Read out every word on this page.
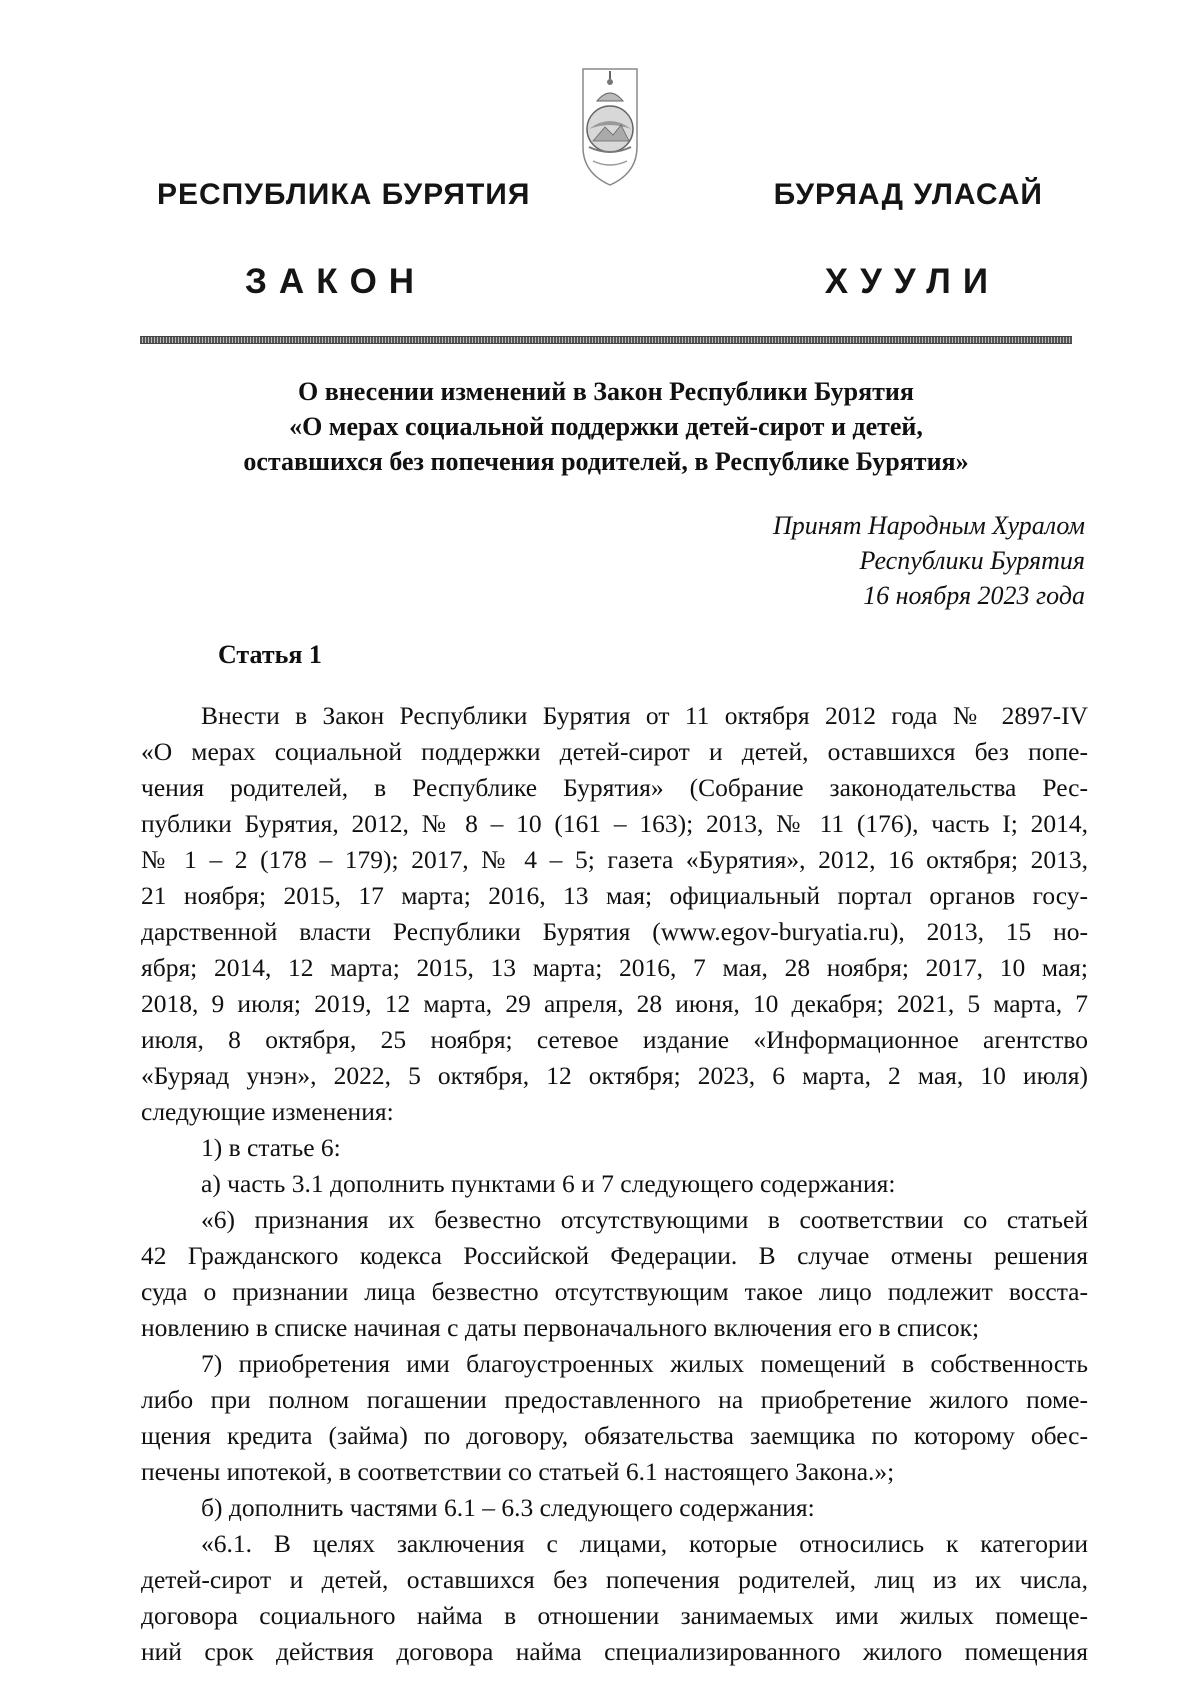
РЕСПУБЛИКА БУРЯТИЯ	БУРЯАД УЛАСАЙ
ЗАКОН	ХУУЛИ
О внесении изменений в Закон Республики Бурятия
«О мерах социальной поддержки детей-сирот и детей,
оставшихся без попечения родителей, в Республике Бурятия»
Принят Народным Хуралом
Республики Бурятия
16 ноября 2023 года
Статья 1
Внести в Закон Республики Бурятия от 11 октября 2012 года № 2897-IV
«О мерах социальной поддержки детей-сирот и детей, оставшихся без попе-
чения родителей, в Республике Бурятия» (Собрание законодательства Рес-
публики Бурятия, 2012, № 8 – 10 (161 – 163); 2013, № 11 (176), часть I; 2014,
№ 1 – 2 (178 – 179); 2017, № 4 – 5; газета «Бурятия», 2012, 16 октября; 2013,
21 ноября; 2015, 17 марта; 2016, 13 мая; официальный портал органов госу-
дарственной власти Республики Бурятия (www.egov-buryatia.ru), 2013, 15 но-
ября; 2014, 12 марта; 2015, 13 марта; 2016, 7 мая, 28 ноября; 2017, 10 мая;
2018, 9 июля; 2019, 12 марта, 29 апреля, 28 июня, 10 декабря; 2021, 5 марта, 7
июля, 8 октября, 25 ноября; сетевое издание «Информационное агентство
«Буряад унэн», 2022, 5 октября, 12 октября; 2023, 6 марта, 2 мая, 10 июля)
следующие изменения:
1) в статье 6:
а) часть 3.1 дополнить пунктами 6 и 7 следующего содержания:
«6) признания их безвестно отсутствующими в соответствии со статьей
42 Гражданского кодекса Российской Федерации. В случае отмены решения
суда о признании лица безвестно отсутствующим такое лицо подлежит восста-
новлению в списке начиная с даты первоначального включения его в список;
7) приобретения ими благоустроенных жилых помещений в собственность
либо при полном погашении предоставленного на приобретение жилого поме-
щения кредита (займа) по договору, обязательства заемщика по которому обес-
печены ипотекой, в соответствии со статьей 6.1 настоящего Закона.»;
б) дополнить частями 6.1 – 6.3 следующего содержания:
«6.1. В целях заключения с лицами, которые относились к категории
детей-сирот и детей, оставшихся без попечения родителей, лиц из их числа,
договора социального найма в отношении занимаемых ими жилых помеще-
ний срок действия договора найма специализированного жилого помещения
